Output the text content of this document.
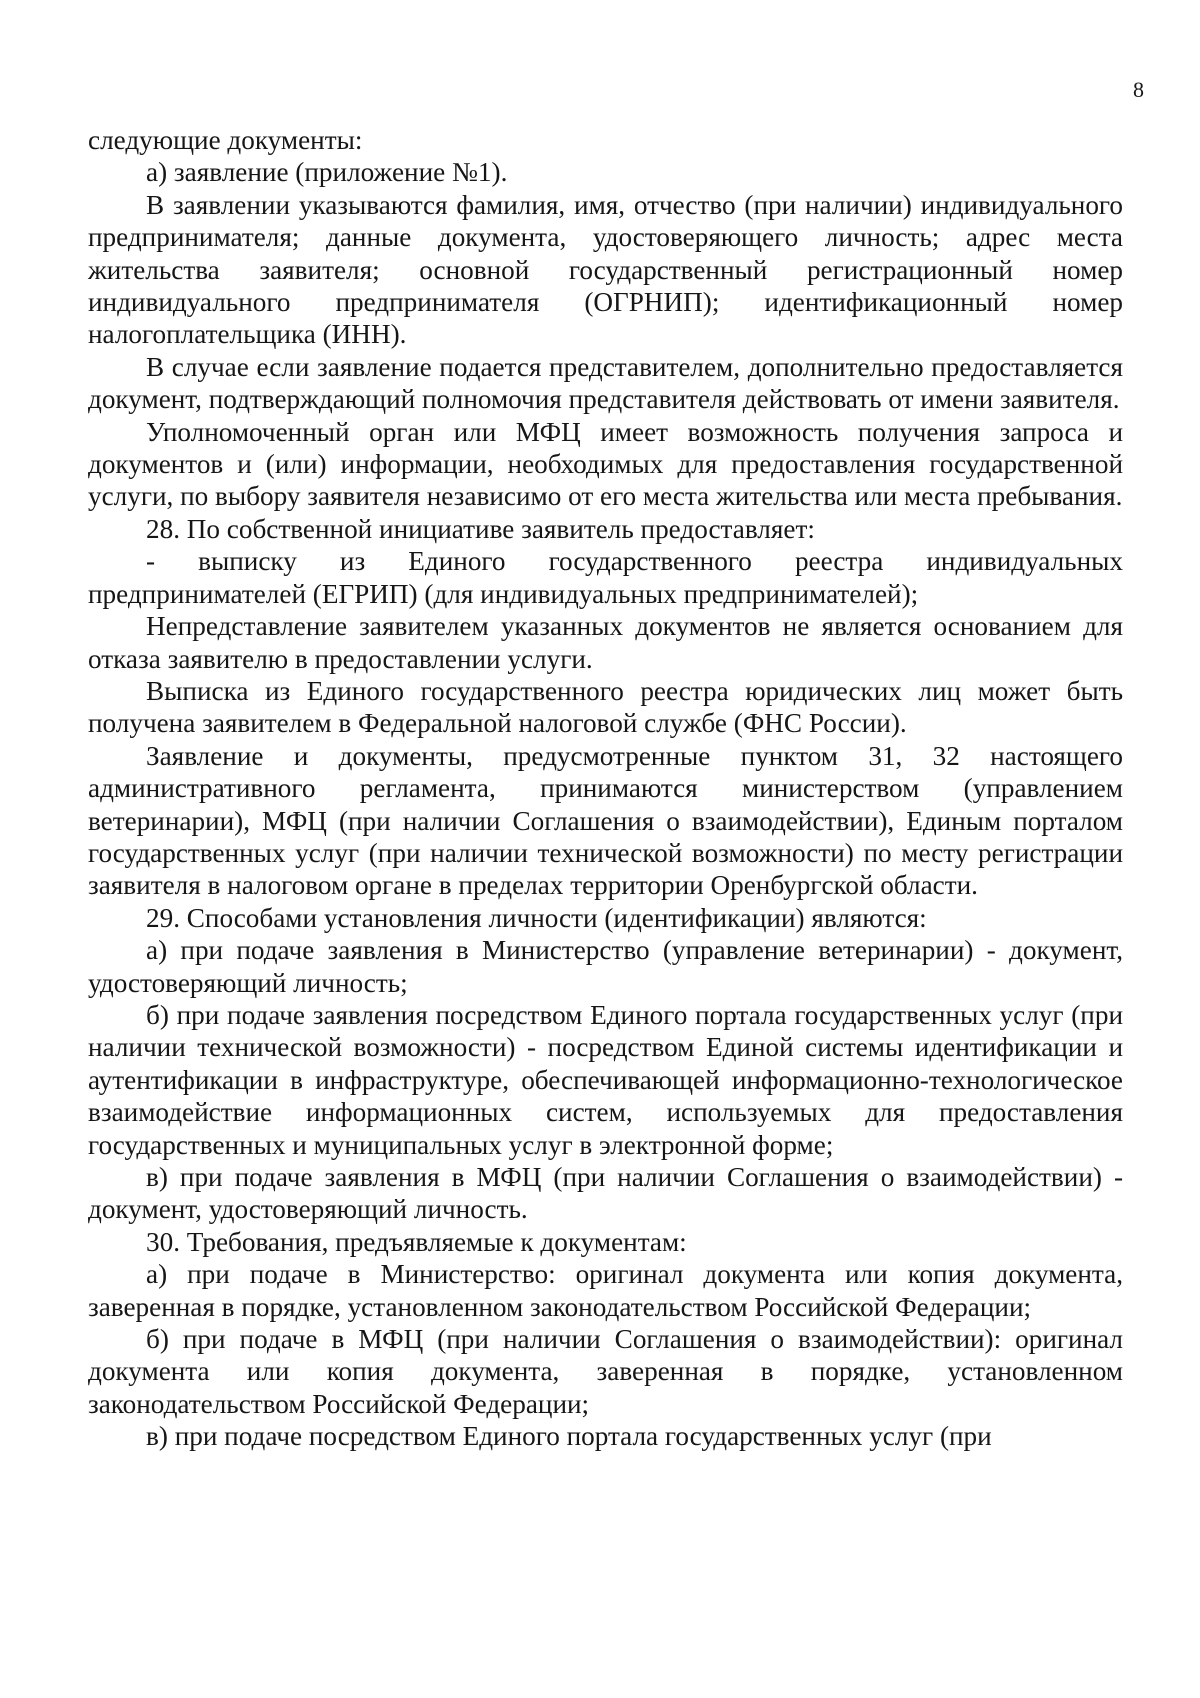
8

следующие документы:

а) заявление (приложение №1).

В заявлении указываются фамилия, имя, отчество (при наличии) индивидуального предпринимателя; данные документа, удостоверяющего личность; адрес места жительства заявителя; основной государственный регистрационный номер индивидуального предпринимателя (ОГРНИП); идентификационный номер налогоплательщика (ИНН).

В случае если заявление подается представителем, дополнительно предоставляется документ, подтверждающий полномочия представителя действовать от имени заявителя.

Уполномоченный орган или МФЦ имеет возможность получения запроса и документов и (или) информации, необходимых для предоставления государственной услуги, по выбору заявителя независимо от его места жительства или места пребывания.

28. По собственной инициативе заявитель предоставляет:

- выписку из Единого государственного реестра индивидуальных предпринимателей (ЕГРИП) (для индивидуальных предпринимателей);

Непредставление заявителем указанных документов не является основанием для отказа заявителю в предоставлении услуги.

Выписка из Единого государственного реестра юридических лиц может быть получена заявителем в Федеральной налоговой службе (ФНС России).

Заявление и документы, предусмотренные пунктом 31, 32 настоящего административного регламента, принимаются министерством (управлением ветеринарии), МФЦ (при наличии Соглашения о взаимодействии), Единым порталом государственных услуг (при наличии технической возможности) по месту регистрации заявителя в налоговом органе в пределах территории Оренбургской области.

29. Способами установления личности (идентификации) являются:

а) при подаче заявления в Министерство (управление ветеринарии) - документ, удостоверяющий личность;

б) при подаче заявления посредством Единого портала государственных услуг (при наличии технической возможности) - посредством Единой системы идентификации и аутентификации в инфраструктуре, обеспечивающей информационно-технологическое взаимодействие информационных систем, используемых для предоставления государственных и муниципальных услуг в электронной форме;

в) при подаче заявления в МФЦ (при наличии Соглашения о взаимодействии) - документ, удостоверяющий личность.

30. Требования, предъявляемые к документам:

а) при подаче в Министерство: оригинал документа или копия документа, заверенная в порядке, установленном законодательством Российской Федерации;

б) при подаче в МФЦ (при наличии Соглашения о взаимодействии): оригинал документа или копия документа, заверенная в порядке, установленном законодательством Российской Федерации;

в) при подаче посредством Единого портала государственных услуг (при
